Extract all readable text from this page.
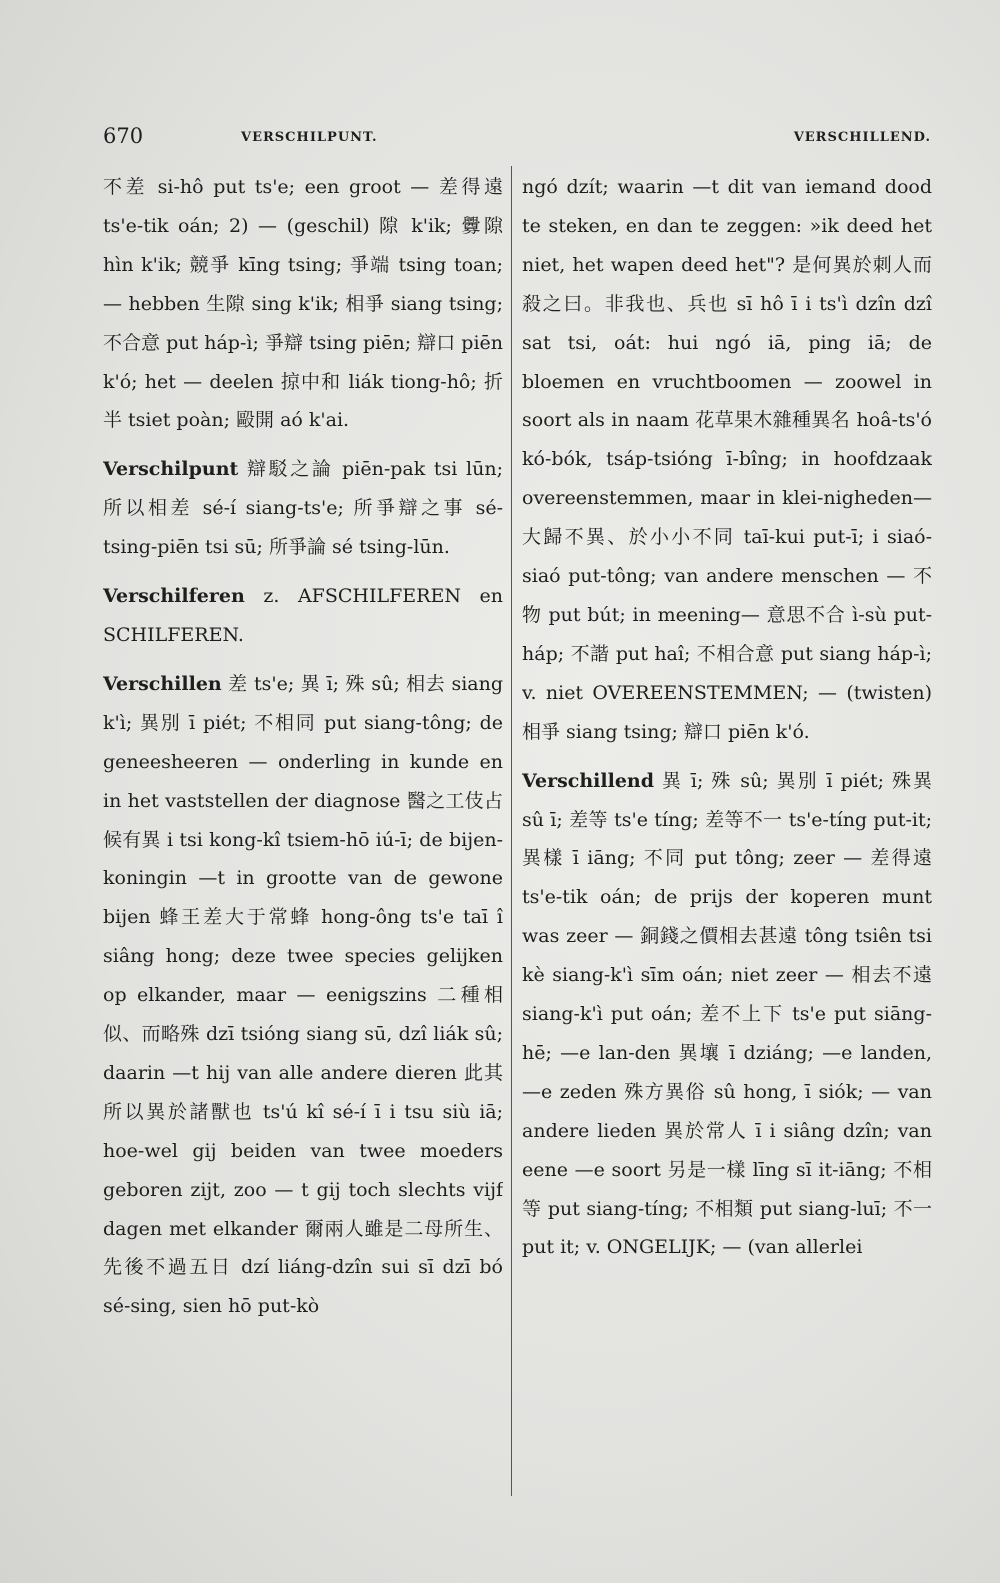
670	VERSCHILPUNT.	VERSCHILLEND.

不差 si-hô put ts'e; een groot — 差得遠 ts'e-tik oán; 2) — (geschil) 隙 k'ik; 釁隙 hìn k'ik; 競爭 kīng tsing; 爭端 tsing toan; — hebben 生隙 sing k'ik; 相爭 siang tsing; 不合意 put háp-ì; 爭辯 tsing piēn; 辯口 piēn k'ó; het — deelen 掠中和 liák tiong-hô; 折半 tsiet poàn; 毆開 aó k'ai.

Verschilpunt 辯駁之論 piēn-pak tsi lūn; 所以相差 sé-í siang-ts'e; 所爭辯之事 sé-tsing-piēn tsi sū; 所爭論 sé tsing-lūn.

Verschilferen z. AFSCHILFEREN en SCHILFEREN.

Verschillen 差 ts'e; 異 ī; 殊 sû; 相去 siang k'ì; 異別 ī piét; 不相同 put siang-tông; de geneesheeren — onderling in kunde en in het vaststellen der diagnose 醫之工伎占候有異 i tsi kong-kî tsiem-hō iú-ī; de bijen-koningin —t in grootte van de gewone bijen 蜂王差大于常蜂 hong-ông ts'e taī î siâng hong; deze twee species gelijken op elkander, maar — eenigszins 二種相似、而略殊 dzī tsióng siang sū, dzî liák sû; daarin —t hij van alle andere dieren 此其所以異於諸獸也 ts'ú kî sé-í ī i tsu siù iā; hoe-wel gij beiden van twee moeders geboren zijt, zoo — t gij toch slechts vijf dagen met elkander 爾兩人雖是二母所生、先後不過五日 dzí liáng-dzîn sui sī dzī bó sé-sing, sien hō put-kò

ngó dzít; waarin —t dit van iemand dood te steken, en dan te zeggen: »ik deed het niet, het wapen deed het"? 是何異於刺人而殺之曰。非我也、兵也 sī hô ī i ts'ì dzîn dzî sat tsi, oát: hui ngó iā, ping iā; de bloemen en vruchtboomen — zoowel in soort als in naam 花草果木雜種異名 hoâ-ts'ó kó-bók, tsáp-tsióng ī-bîng; in hoofdzaak overeenstemmen, maar in klei-nigheden— 大歸不異、於小小不同 taī-kui put-ī; i siaó-siaó put-tông; van andere menschen — 不物 put bút; in meening— 意思不合 ì-sù put-háp; 不諧 put haî; 不相合意 put siang háp-ì; v. niet OVEREENSTEMMEN; — (twisten) 相爭 siang tsing; 辯口 piēn k'ó.

Verschillend 異 ī; 殊 sû; 異別 ī piét; 殊異 sû ī; 差等 ts'e tíng; 差等不一 ts'e-tíng put-it; 異樣 ī iāng; 不同 put tông; zeer — 差得遠 ts'e-tik oán; de prijs der koperen munt was zeer — 銅錢之價相去甚遠 tông tsiên tsi kè siang-k'ì sīm oán; niet zeer — 相去不遠 siang-k'ì put oán; 差不上下 ts'e put siāng-hē; —e lan-den 異壤 ī dziáng; —e landen, —e zeden 殊方異俗 sû hong, ī siók; — van andere lieden 異於常人 ī i siâng dzîn; van eene —e soort 另是一樣 līng sī it-iāng; 不相等 put siang-tíng; 不相類 put siang-luī; 不一 put it; v. ONGELIJK; — (van allerlei
